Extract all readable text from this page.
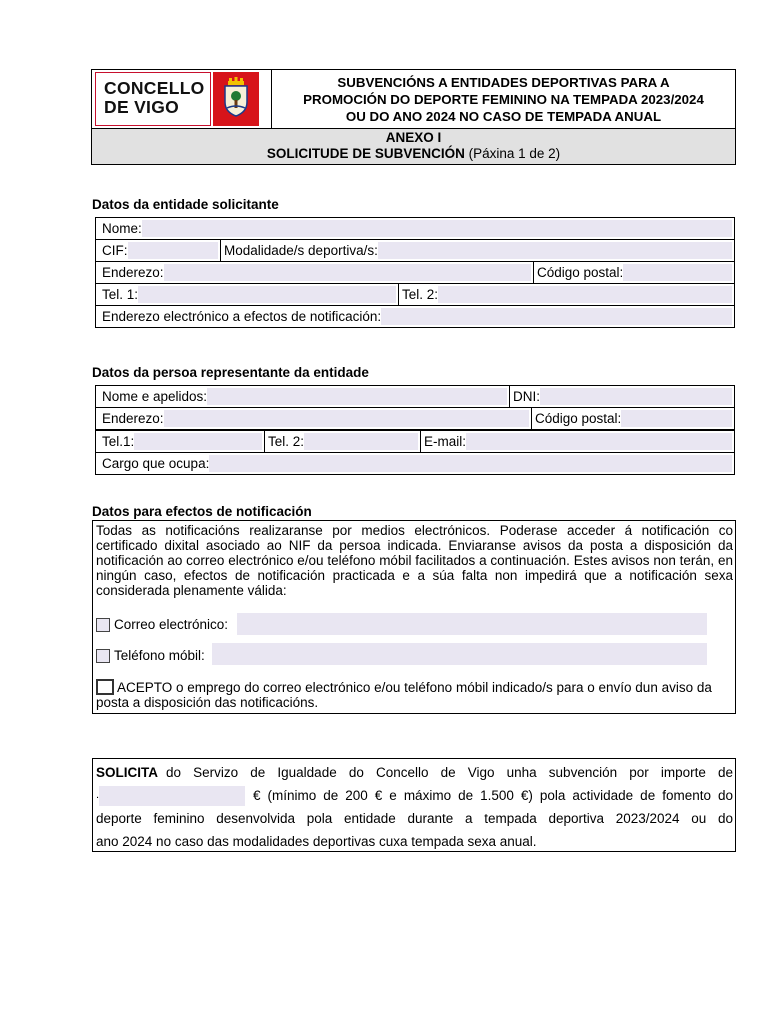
CONCELLO
DE VIGO
SUBVENCIÓNS A ENTIDADES DEPORTIVAS PARA A
PROMOCIÓN DO DEPORTE FEMININO NA TEMPADA 2023/2024
OU DO ANO 2024 NO CASO DE TEMPADA ANUAL
ANEXO I
SOLICITUDE DE SUBVENCIÓN (Páxina 1 de 2)
Datos da entidade solicitante
Nome:
CIF:	Modalidade/s deportiva/s:
Enderezo:	Código postal:
Tel. 1:	Tel. 2:
Enderezo electrónico a efectos de notificación:
Datos da persoa representante da entidade
Nome e apelidos:	DNI:
Enderezo:	Código postal:
Tel.1:	Tel. 2:	E-mail:
Cargo que ocupa:
Datos para efectos de notificación
Todas as notificacións realizaranse por medios electrónicos. Poderase acceder á notificación co certificado dixital asociado ao NIF da persoa indicada. Enviaranse avisos da posta a disposición da notificación ao correo electrónico e/ou teléfono móbil facilitados a continuación. Estes avisos non terán, en ningún caso, efectos de notificación practicada e a súa falta non impedirá que a notificación sexa considerada plenamente válida:
Correo electrónico:
Teléfono móbil:
ACEPTO o emprego do correo electrónico e/ou teléfono móbil indicado/s para o envío dun aviso da posta a disposición das notificacións.
SOLICITA do Servizo de Igualdade do Concello de Vigo unha subvención por importe de
.	€ (mínimo de 200 € e máximo de 1.500 €) pola actividade de fomento do
deporte feminino desenvolvida pola entidade durante a tempada deportiva 2023/2024 ou do
ano 2024 no caso das modalidades deportivas cuxa tempada sexa anual.
